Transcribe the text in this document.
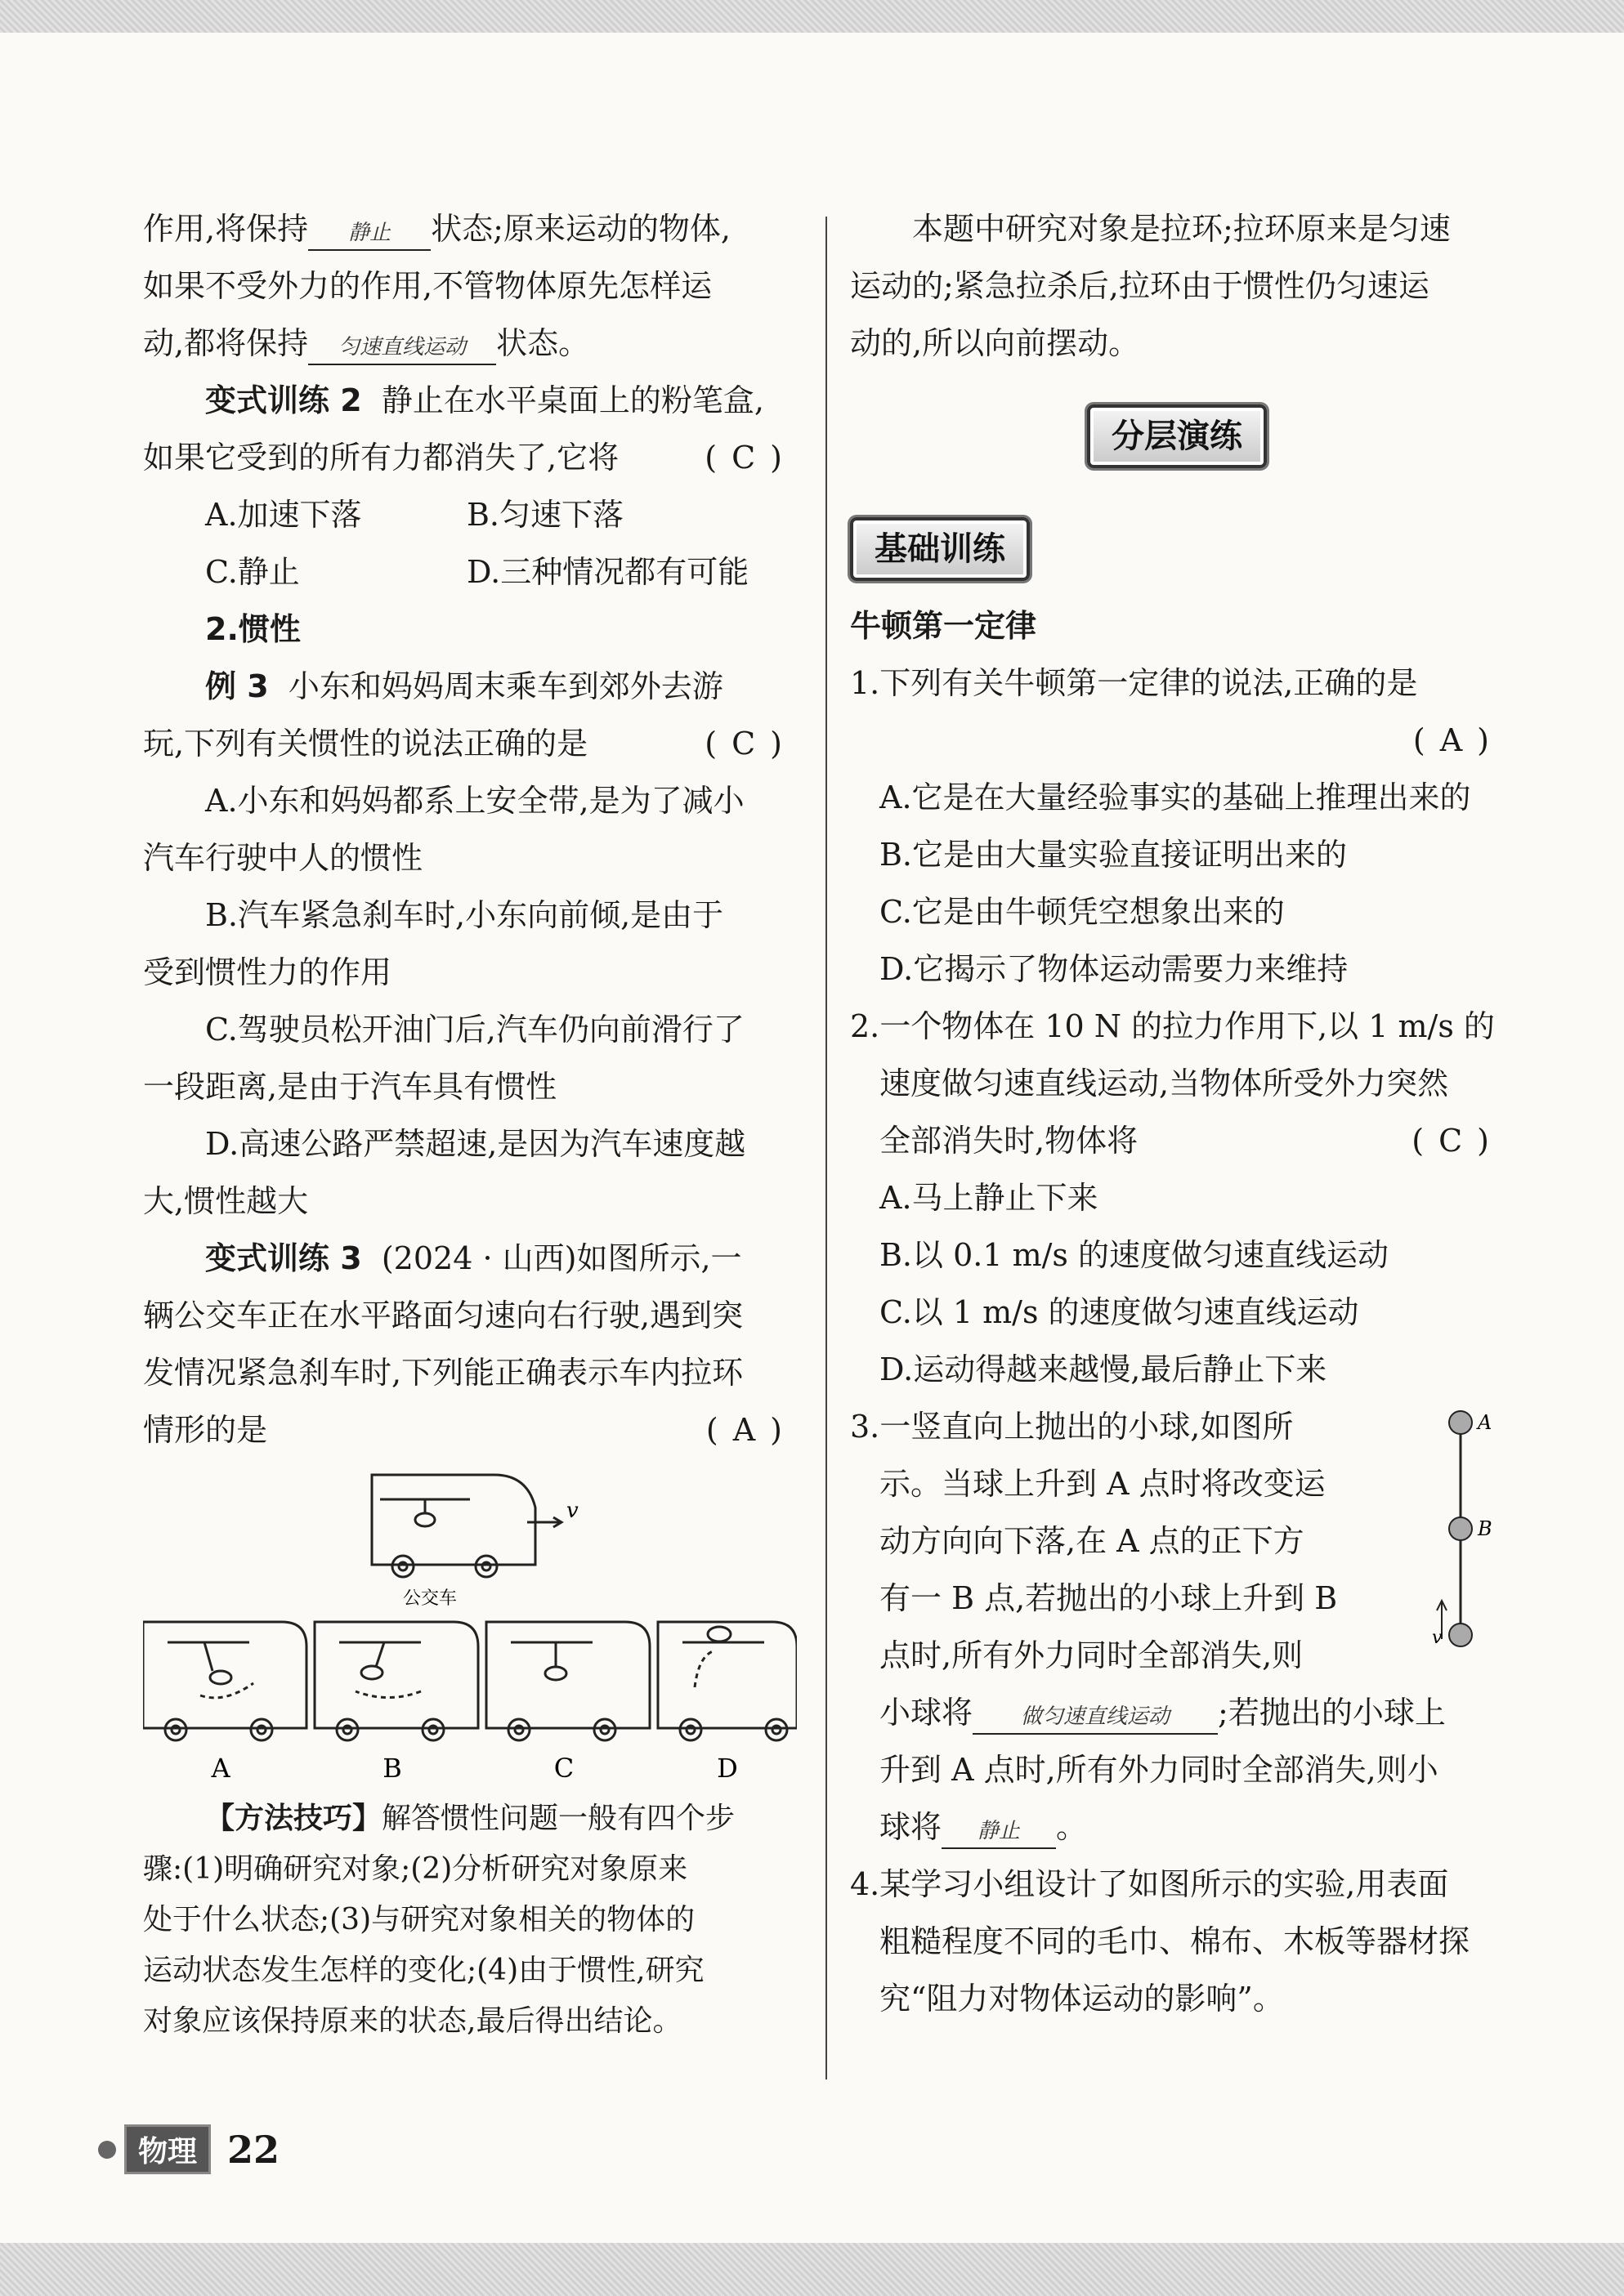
作用,将保持 静止 状态;原来运动的物体,

如果不受外力的作用,不管物体原先怎样运

动,都将保持 匀速直线运动 状态。

变式训练 2 静止在水平桌面上的粉笔盒,

如果它受到的所有力都消失了,它将	(C)

A.加速下落	B.匀速下落

C.静止	D.三种情况都有可能

2.惯性

例 3 小东和妈妈周末乘车到郊外去游

玩,下列有关惯性的说法正确的是	(C)

A.小东和妈妈都系上安全带,是为了减小

汽车行驶中人的惯性

B.汽车紧急刹车时,小东向前倾,是由于

受到惯性力的作用

C.驾驶员松开油门后,汽车仍向前滑行了

一段距离,是由于汽车具有惯性

D.高速公路严禁超速,是因为汽车速度越

大,惯性越大

变式训练 3 (2024 · 山西)如图所示,一

辆公交车正在水平路面匀速向右行驶,遇到突

发情况紧急刹车时,下列能正确表示车内拉环

情形的是	(A)

v
公交车
A	B	C	D

【方法技巧】解答惯性问题一般有四个步

骤:(1)明确研究对象;(2)分析研究对象原来

处于什么状态;(3)与研究对象相关的物体的

运动状态发生怎样的变化;(4)由于惯性,研究

对象应该保持原来的状态,最后得出结论。

本题中研究对象是拉环;拉环原来是匀速

运动的;紧急拉杀后,拉环由于惯性仍匀速运

动的,所以向前摆动。

分层演练
基础训练

牛顿第一定律

1.下列有关牛顿第一定律的说法,正确的是

(A)

A.它是在大量经验事实的基础上推理出来的

B.它是由大量实验直接证明出来的

C.它是由牛顿凭空想象出来的

D.它揭示了物体运动需要力来维持

2.一个物体在 10 N 的拉力作用下,以 1 m/s 的

速度做匀速直线运动,当物体所受外力突然

全部消失时,物体将	(C)

A.马上静止下来

B.以 0.1 m/s 的速度做匀速直线运动

C.以 1 m/s 的速度做匀速直线运动

D.运动得越来越慢,最后静止下来

3.一竖直向上抛出的小球,如图所

示。当球上升到 A 点时将改变运

动方向向下落,在 A 点的正下方

有一 B 点,若抛出的小球上升到 B

点时,所有外力同时全部消失,则

小球将 做匀速直线运动 ;若抛出的小球上

升到 A 点时,所有外力同时全部消失,则小

球将 静止 。

A
B
v

4.某学习小组设计了如图所示的实验,用表面

粗糙程度不同的毛巾、棉布、木板等器材探

究“阻力对物体运动的影响”。

物理 22
